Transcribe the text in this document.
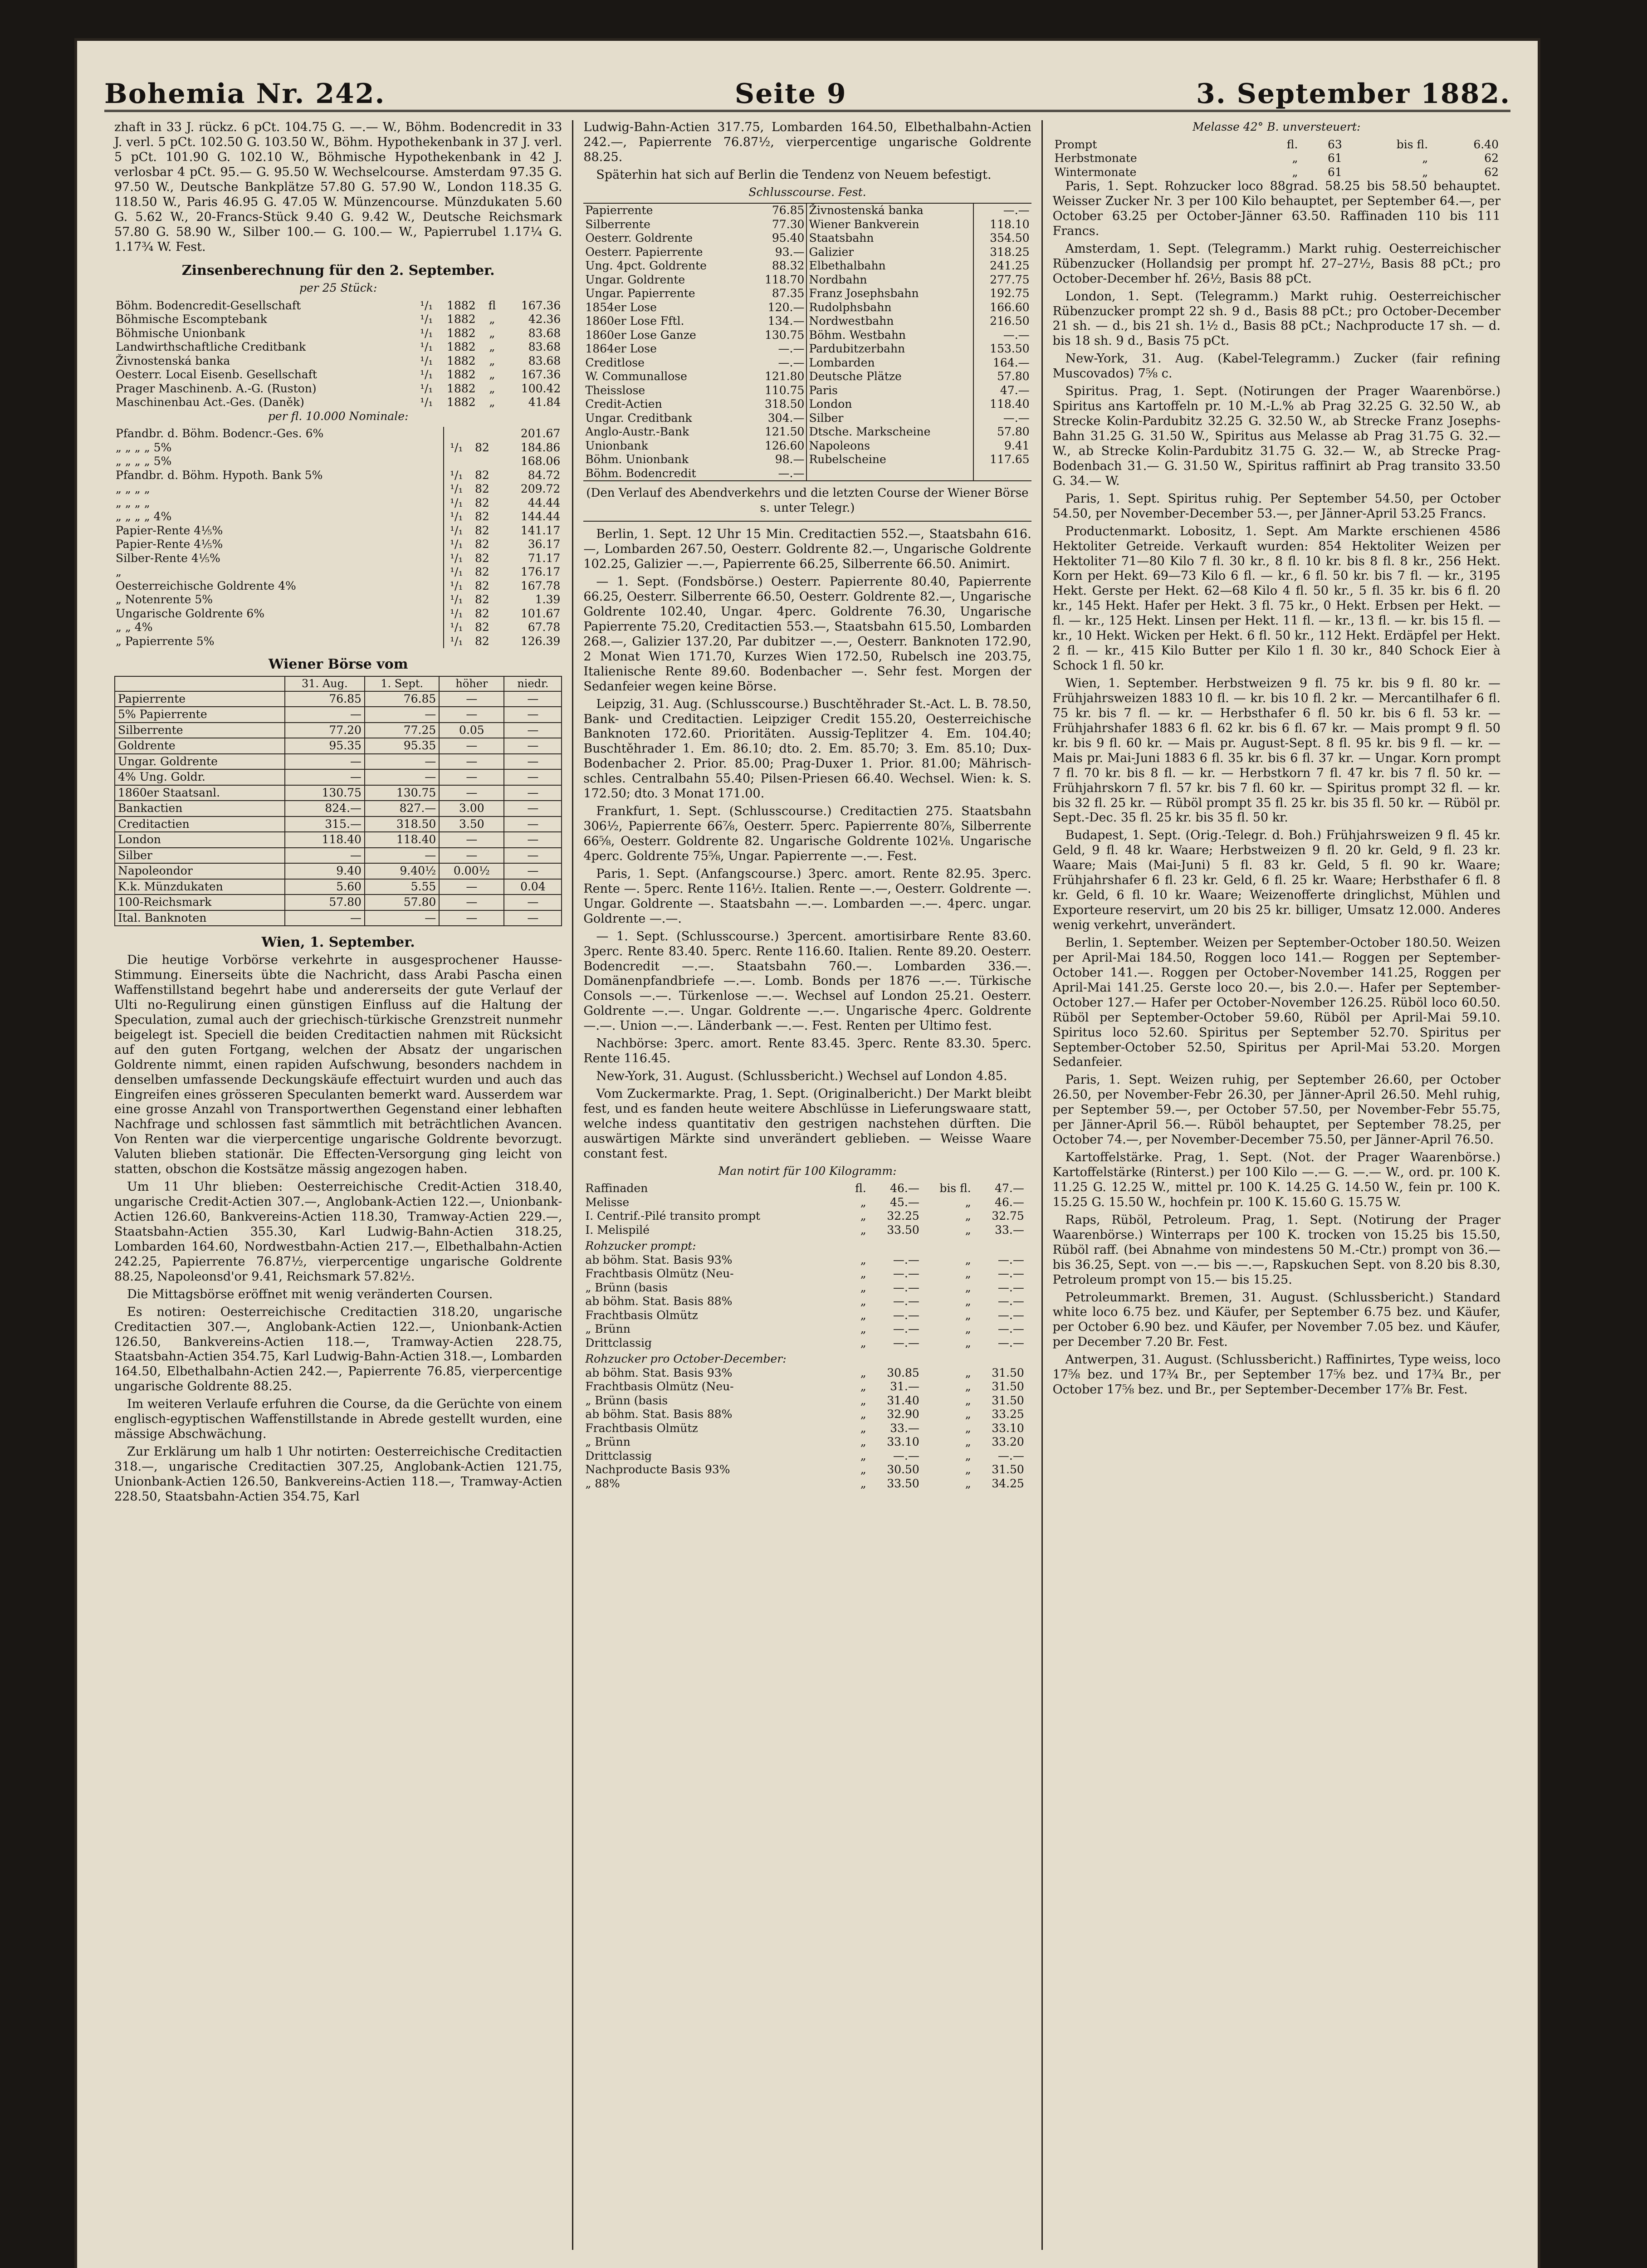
Bohemia Nr. 242.	Seite 9	3. September 1882.

zhaft in 33 J. rückz. 6 pCt. 104.75 G. —.— W., Böhm. Bodencredit in 33 J. verl. 5 pCt. 102.50 G. 103.50 W., Böhm. Hypothekenbank in 37 J. verl. 5 pCt. 101.90 G. 102.10 W., Böhmische Hypothekenbank in 42 J. verlosbar 4 pCt. 95.— G. 95.50 W. Wechselcourse. Amsterdam 97.35 G. 97.50 W., Deutsche Bankplätze 57.80 G. 57.90 W., London 118.35 G. 118.50 W., Paris 46.95 G. 47.05 W. Münzencourse. Münzdukaten 5.60 G. 5.62 W., 20-Francs-Stück 9.40 G. 9.42 W., Deutsche Reichsmark 57.80 G. 58.90 W., Silber 100.— G. 100.— W., Papierrubel 1.17¼ G. 1.17¾ W. Fest.

Zinsenberechnung für den 2. September.
per 25 Stück:
Böhm. Bodencredit-Gesellschaft	¹/₁	1882	fl	167.36
Böhmische Escomptebank	¹/₁	1882	„	42.36
Böhmische Unionbank	¹/₁	1882	„	83.68
Landwirthschaftliche Creditbank	¹/₁	1882	„	83.68
Živnostenská banka	¹/₁	1882	„	83.68
Oesterr. Local Eisenb. Gesellschaft	¹/₁	1882	„	167.36
Prager Maschinenb. A.-G. (Ruston)	¹/₁	1882	„	100.42
Maschinenbau Act.-Ges. (Daněk)	¹/₁	1882	„	41.84
per fl. 10.000 Nominale:
Pfandbr. d. Böhm. Bodencr.-Ges. 6%			201.67
„ „ „ „ 5%	¹/₁	82	184.86
„ „ „ „ 5%			168.06
Pfandbr. d. Böhm. Hypoth. Bank 5%	¹/₁	82	84.72
„ „ „ „	¹/₁	82	209.72
„ „ „ „	¹/₁	82	44.44
„ „ „ „ 4%	¹/₁	82	144.44
Papier-Rente 4⅕%	¹/₁	82	141.17
Papier-Rente 4⅕%	¹/₁	82	36.17
Silber-Rente 4⅕%	¹/₁	82	71.17
„	¹/₁	82	176.17
Oesterreichische Goldrente 4%	¹/₁	82	167.78
„ Notenrente 5%	¹/₁	82	1.39
Ungarische Goldrente 6%	¹/₁	82	101.67
„ „ 4%	¹/₁	82	67.78
„ Papierrente 5%	¹/₁	82	126.39
Wiener Börse vom
	31. Aug.	1. Sept.	höher	niedr.
Papierrente	76.85	76.85	—	—
5% Papierrente	—	—	—	—
Silberrente	77.20	77.25	0.05	—
Goldrente	95.35	95.35	—	—
Ungar. Goldrente	—	—	—	—
4% Ung. Goldr.	—	—	—	—
1860er Staatsanl.	130.75	130.75	—	—
Bankactien	824.—	827.—	3.00	—
Creditactien	315.—	318.50	3.50	—
London	118.40	118.40	—	—
Silber	—	—	—	—
Napoleondor	9.40	9.40½	0.00½	—
K.k. Münzdukaten	5.60	5.55	—	0.04
100-Reichsmark	57.80	57.80	—	—
Ital. Banknoten	—	—	—	—
Wien, 1. September.

Die heutige Vorbörse verkehrte in ausgesprochener Hausse-Stimmung. Einerseits übte die Nachricht, dass Arabi Pascha einen Waffenstillstand begehrt habe und andererseits der gute Verlauf der Ulti no-Regulirung einen günstigen Einfluss auf die Haltung der Speculation, zumal auch der griechisch-türkische Grenzstreit nunmehr beigelegt ist. Speciell die beiden Creditactien nahmen mit Rücksicht auf den guten Fortgang, welchen der Absatz der ungarischen Goldrente nimmt, einen rapiden Aufschwung, besonders nachdem in denselben umfassende Deckungskäufe effectuirt wurden und auch das Eingreifen eines grösseren Speculanten bemerkt ward. Ausserdem war eine grosse Anzahl von Transportwerthen Gegenstand einer lebhaften Nachfrage und schlossen fast sämmtlich mit beträchtlichen Avancen. Von Renten war die vierpercentige ungarische Goldrente bevorzugt. Valuten blieben stationär. Die Effecten-Versorgung ging leicht von statten, obschon die Kostsätze mässig angezogen haben.

Um 11 Uhr blieben: Oesterreichische Credit-Actien 318.40, ungarische Credit-Actien 307.—, Anglobank-Actien 122.—, Unionbank-Actien 126.60, Bankvereins-Actien 118.30, Tramway-Actien 229.—, Staatsbahn-Actien 355.30, Karl Ludwig-Bahn-Actien 318.25, Lombarden 164.60, Nordwestbahn-Actien 217.—, Elbethalbahn-Actien 242.25, Papierrente 76.87½, vierpercentige ungarische Goldrente 88.25, Napoleonsd'or 9.41, Reichsmark 57.82½.

Die Mittagsbörse eröffnet mit wenig veränderten Coursen.

Es notiren: Oesterreichische Creditactien 318.20, ungarische Creditactien 307.—, Anglobank-Actien 122.—, Unionbank-Actien 126.50, Bankvereins-Actien 118.—, Tramway-Actien 228.75, Staatsbahn-Actien 354.75, Karl Ludwig-Bahn-Actien 318.—, Lombarden 164.50, Elbethalbahn-Actien 242.—, Papierrente 76.85, vierpercentige ungarische Goldrente 88.25.

Im weiteren Verlaufe erfuhren die Course, da die Gerüchte von einem englisch-egyptischen Waffenstillstande in Abrede gestellt wurden, eine mässige Abschwächung.

Zur Erklärung um halb 1 Uhr notirten: Oesterreichische Creditactien 318.—, ungarische Creditactien 307.25, Anglobank-Actien 121.75, Unionbank-Actien 126.50, Bankvereins-Actien 118.—, Tramway-Actien 228.50, Staatsbahn-Actien 354.75, Karl

Ludwig-Bahn-Actien 317.75, Lombarden 164.50, Elbethalbahn-Actien 242.—, Papierrente 76.87½, vierpercentige ungarische Goldrente 88.25.

Späterhin hat sich auf Berlin die Tendenz von Neuem befestigt.

Schlusscourse. Fest.
Papierrente	76.85	Živnostenská banka	—.—
Silberrente	77.30	Wiener Bankverein	118.10
Oesterr. Goldrente	95.40	Staatsbahn	354.50
Oesterr. Papierrente	93.—	Galizier	318.25
Ung. 4pct. Goldrente	88.32	Elbethalbahn	241.25
Ungar. Goldrente	118.70	Nordbahn	277.75
Ungar. Papierrente	87.35	Franz Josephsbahn	192.75
1854er Lose	120.—	Rudolphsbahn	166.60
1860er Lose Fftl.	134.—	Nordwestbahn	216.50
1860er Lose Ganze	130.75	Böhm. Westbahn	—.—
1864er Lose	—.—	Pardubitzerbahn	153.50
Creditlose	—.—	Lombarden	164.—
W. Communallose	121.80	Deutsche Plätze	57.80
Theisslose	110.75	Paris	47.—
Credit-Actien	318.50	London	118.40
Ungar. Creditbank	304.—	Silber	—.—
Anglo-Austr.-Bank	121.50	Dtsche. Markscheine	57.80
Unionbank	126.60	Napoleons	9.41
Böhm. Unionbank	98.—	Rubelscheine	117.65
Böhm. Bodencredit	—.—		
(Den Verlauf des Abendverkehrs und die letzten Course der Wiener Börse s. unter Telegr.)

Berlin, 1. Sept. 12 Uhr 15 Min. Creditactien 552.—, Staatsbahn 616.—, Lombarden 267.50, Oesterr. Goldrente 82.—, Ungarische Goldrente 102.25, Galizier —.—, Papierrente 66.25, Silberrente 66.50. Animirt.

— 1. Sept. (Fondsbörse.) Oesterr. Papierrente 80.40, Papierrente 66.25, Oesterr. Silberrente 66.50, Oesterr. Goldrente 82.—, Ungarische Goldrente 102.40, Ungar. 4perc. Goldrente 76.30, Ungarische Papierrente 75.20, Creditactien 553.—, Staatsbahn 615.50, Lombarden 268.—, Galizier 137.20, Par dubitzer —.—, Oesterr. Banknoten 172.90, 2 Monat Wien 171.70, Kurzes Wien 172.50, Rubelsch ine 203.75, Italienische Rente 89.60. Bodenbacher —. Sehr fest. Morgen der Sedanfeier wegen keine Börse.

Leipzig, 31. Aug. (Schlusscourse.) Buschtěhrader St.-Act. L. B. 78.50, Bank- und Creditactien. Leipziger Credit 155.20, Oesterreichische Banknoten 172.60. Prioritäten. Aussig-Teplitzer 4. Em. 104.40; Buschtěhrader 1. Em. 86.10; dto. 2. Em. 85.70; 3. Em. 85.10; Dux-Bodenbacher 2. Prior. 85.00; Prag-Duxer 1. Prior. 81.00; Mährisch-schles. Centralbahn 55.40; Pilsen-Priesen 66.40. Wechsel. Wien: k. S. 172.50; dto. 3 Monat 171.00.

Frankfurt, 1. Sept. (Schlusscourse.) Creditactien 275. Staatsbahn 306½, Papierrente 66⅞, Oesterr. 5perc. Papierrente 80⅞, Silberrente 66⅝, Oesterr. Goldrente 82. Ungarische Goldrente 102⅛. Ungarische 4perc. Goldrente 75⅝, Ungar. Papierrente —.—. Fest.

Paris, 1. Sept. (Anfangscourse.) 3perc. amort. Rente 82.95. 3perc. Rente —. 5perc. Rente 116½. Italien. Rente —.—, Oesterr. Goldrente —. Ungar. Goldrente —. Staatsbahn —.—. Lombarden —.—. 4perc. ungar. Goldrente —.—.

— 1. Sept. (Schlusscourse.) 3percent. amortisirbare Rente 83.60. 3perc. Rente 83.40. 5perc. Rente 116.60. Italien. Rente 89.20. Oesterr. Bodencredit —.—. Staatsbahn 760.—. Lombarden 336.—. Domänenpfandbriefe —.—. Lomb. Bonds per 1876 —.—. Türkische Consols —.—. Türkenlose —.—. Wechsel auf London 25.21. Oesterr. Goldrente —.—. Ungar. Goldrente —.—. Ungarische 4perc. Goldrente —.—. Union —.—. Länderbank —.—. Fest. Renten per Ultimo fest.

Nachbörse: 3perc. amort. Rente 83.45. 3perc. Rente 83.30. 5perc. Rente 116.45.

New-York, 31. August. (Schlussbericht.) Wechsel auf London 4.85.

Vom Zuckermarkte. Prag, 1. Sept. (Originalbericht.) Der Markt bleibt fest, und es fanden heute weitere Abschlüsse in Lieferungswaare statt, welche indess quantitativ den gestrigen nachstehen dürften. Die auswärtigen Märkte sind unverändert geblieben. — Weisse Waare constant fest.

Man notirt für 100 Kilogramm:
Raffinaden	fl.	46.—	bis fl.	47.—	
Melisse	„	45.—	„	46.—	
I. Centrif.-Pilé transito prompt	„	32.25	„	32.75	
I. Melispilé	„	33.50	„	33.—	
Rohzucker prompt:					
ab böhm. Stat. Basis 93%	„	—.—	„	—.—	
Frachtbasis Olmütz (Neu-	„	—.—	„	—.—	
„ Brünn (basis	„	—.—	„	—.—	
ab böhm. Stat. Basis 88%	„	—.—	„	—.—	
Frachtbasis Olmütz	„	—.—	„	—.—	
„ Brünn	„	—.—	„	—.—	
Drittclassig	„	—.—	„	—.—	
Rohzucker pro October-December:					
ab böhm. Stat. Basis 93%	„	30.85	„	31.50	
Frachtbasis Olmütz (Neu-	„	31.—	„	31.50	
„ Brünn (basis	„	31.40	„	31.50	
ab böhm. Stat. Basis 88%	„	32.90	„	33.25	
Frachtbasis Olmütz	„	33.—	„	33.10	
„ Brünn	„	33.10	„	33.20	
Drittclassig	„	—.—	„	—.—	
Nachproducte Basis 93%	„	30.50	„	31.50	
„ 88%	„	33.50	„	34.25	
Melasse 42° B. unversteuert:
Prompt	fl.	63	bis fl.	6.40
Herbstmonate	„	61	„	62
Wintermonate	„	61	„	62

Paris, 1. Sept. Rohzucker loco 88grad. 58.25 bis 58.50 behauptet. Weisser Zucker Nr. 3 per 100 Kilo behauptet, per September 64.—, per October 63.25 per October-Jänner 63.50. Raffinaden 110 bis 111 Francs.

Amsterdam, 1. Sept. (Telegramm.) Markt ruhig. Oesterreichischer Rübenzucker (Hollandsig per prompt hf. 27–27½, Basis 88 pCt.; pro October-December hf. 26½, Basis 88 pCt.

London, 1. Sept. (Telegramm.) Markt ruhig. Oesterreichischer Rübenzucker prompt 22 sh. 9 d., Basis 88 pCt.; pro October-December 21 sh. — d., bis 21 sh. 1½ d., Basis 88 pCt.; Nachproducte 17 sh. — d. bis 18 sh. 9 d., Basis 75 pCt.

New-York, 31. Aug. (Kabel-Telegramm.) Zucker (fair refining Muscovados) 7⅝ c.

Spiritus. Prag, 1. Sept. (Notirungen der Prager Waarenbörse.) Spiritus ans Kartoffeln pr. 10 M.-L.% ab Prag 32.25 G. 32.50 W., ab Strecke Kolin-Pardubitz 32.25 G. 32.50 W., ab Strecke Franz Josephs-Bahn 31.25 G. 31.50 W., Spiritus aus Melasse ab Prag 31.75 G. 32.— W., ab Strecke Kolin-Pardubitz 31.75 G. 32.— W., ab Strecke Prag-Bodenbach 31.— G. 31.50 W., Spiritus raffinirt ab Prag transito 33.50 G. 34.— W.

Paris, 1. Sept. Spiritus ruhig. Per September 54.50, per October 54.50, per November-December 53.—, per Jänner-April 53.25 Francs.

Productenmarkt. Lobositz, 1. Sept. Am Markte erschienen 4586 Hektoliter Getreide. Verkauft wurden: 854 Hektoliter Weizen per Hektoliter 71—80 Kilo 7 fl. 30 kr., 8 fl. 10 kr. bis 8 fl. 8 kr., 256 Hekt. Korn per Hekt. 69—73 Kilo 6 fl. — kr., 6 fl. 50 kr. bis 7 fl. — kr., 3195 Hekt. Gerste per Hekt. 62—68 Kilo 4 fl. 50 kr., 5 fl. 35 kr. bis 6 fl. 20 kr., 145 Hekt. Hafer per Hekt. 3 fl. 75 kr., 0 Hekt. Erbsen per Hekt. — fl. — kr., 125 Hekt. Linsen per Hekt. 11 fl. — kr., 13 fl. — kr. bis 15 fl. — kr., 10 Hekt. Wicken per Hekt. 6 fl. 50 kr., 112 Hekt. Erdäpfel per Hekt. 2 fl. — kr., 415 Kilo Butter per Kilo 1 fl. 30 kr., 840 Schock Eier à Schock 1 fl. 50 kr.

Wien, 1. September. Herbstweizen 9 fl. 75 kr. bis 9 fl. 80 kr. — Frühjahrsweizen 1883 10 fl. — kr. bis 10 fl. 2 kr. — Mercantilhafer 6 fl. 75 kr. bis 7 fl. — kr. — Herbsthafer 6 fl. 50 kr. bis 6 fl. 53 kr. — Frühjahrshafer 1883 6 fl. 62 kr. bis 6 fl. 67 kr. — Mais prompt 9 fl. 50 kr. bis 9 fl. 60 kr. — Mais pr. August-Sept. 8 fl. 95 kr. bis 9 fl. — kr. — Mais pr. Mai-Juni 1883 6 fl. 35 kr. bis 6 fl. 37 kr. — Ungar. Korn prompt 7 fl. 70 kr. bis 8 fl. — kr. — Herbstkorn 7 fl. 47 kr. bis 7 fl. 50 kr. — Frühjahrskorn 7 fl. 57 kr. bis 7 fl. 60 kr. — Spiritus prompt 32 fl. — kr. bis 32 fl. 25 kr. — Rüböl prompt 35 fl. 25 kr. bis 35 fl. 50 kr. — Rüböl pr. Sept.-Dec. 35 fl. 25 kr. bis 35 fl. 50 kr.

Budapest, 1. Sept. (Orig.-Telegr. d. Boh.) Frühjahrsweizen 9 fl. 45 kr. Geld, 9 fl. 48 kr. Waare; Herbstweizen 9 fl. 20 kr. Geld, 9 fl. 23 kr. Waare; Mais (Mai-Juni) 5 fl. 83 kr. Geld, 5 fl. 90 kr. Waare; Frühjahrshafer 6 fl. 23 kr. Geld, 6 fl. 25 kr. Waare; Herbsthafer 6 fl. 8 kr. Geld, 6 fl. 10 kr. Waare; Weizenofferte dringlichst, Mühlen und Exporteure reservirt, um 20 bis 25 kr. billiger, Umsatz 12.000. Anderes wenig verkehrt, unverändert.

Berlin, 1. September. Weizen per September-October 180.50. Weizen per April-Mai 184.50, Roggen loco 141.— Roggen per September-October 141.—. Roggen per October-November 141.25, Roggen per April-Mai 141.25. Gerste loco 20.—, bis 2.0.—. Hafer per September-October 127.— Hafer per October-November 126.25. Rüböl loco 60.50. Rüböl per September-October 59.60, Rüböl per April-Mai 59.10. Spiritus loco 52.60. Spiritus per September 52.70. Spiritus per September-October 52.50, Spiritus per April-Mai 53.20. Morgen Sedanfeier.

Paris, 1. Sept. Weizen ruhig, per September 26.60, per October 26.50, per November-Febr 26.30, per Jänner-April 26.50. Mehl ruhig, per September 59.—, per October 57.50, per November-Febr 55.75, per Jänner-April 56.—. Rüböl behauptet, per September 78.25, per October 74.—, per November-December 75.50, per Jänner-April 76.50.

Kartoffelstärke. Prag, 1. Sept. (Not. der Prager Waarenbörse.) Kartoffelstärke (Rinterst.) per 100 Kilo —.— G. —.— W., ord. pr. 100 K. 11.25 G. 12.25 W., mittel pr. 100 K. 14.25 G. 14.50 W., fein pr. 100 K. 15.25 G. 15.50 W., hochfein pr. 100 K. 15.60 G. 15.75 W.

Raps, Rüböl, Petroleum. Prag, 1. Sept. (Notirung der Prager Waarenbörse.) Winterraps per 100 K. trocken von 15.25 bis 15.50, Rüböl raff. (bei Abnahme von mindestens 50 M.-Ctr.) prompt von 36.— bis 36.25, Sept. von —.— bis —.—, Rapskuchen Sept. von 8.20 bis 8.30, Petroleum prompt von 15.— bis 15.25.

Petroleummarkt. Bremen, 31. August. (Schlussbericht.) Standard white loco 6.75 bez. und Käufer, per September 6.75 bez. und Käufer, per October 6.90 bez. und Käufer, per November 7.05 bez. und Käufer, per December 7.20 Br. Fest.

Antwerpen, 31. August. (Schlussbericht.) Raffinirtes, Type weiss, loco 17⅝ bez. und 17¾ Br., per September 17⅝ bez. und 17¾ Br., per October 17⅝ bez. und Br., per September-December 17⅞ Br. Fest.
